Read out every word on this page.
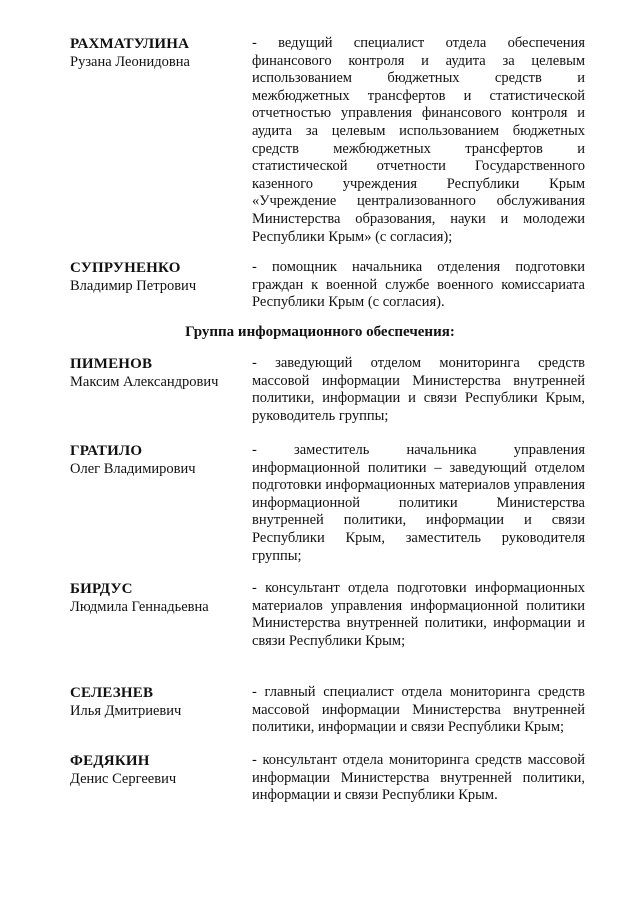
РАХМАТУЛИНА
Рузана Леонидовна
- ведущий специалист отдела обеспечения финансового контроля и аудита за целевым использованием бюджетных средств и межбюджетных трансфертов и статистической отчетностью управления финансового контроля и аудита за целевым использованием бюджетных средств межбюджетных трансфертов и статистической отчетности Государственного казенного учреждения Республики Крым «Учреждение централизованного обслуживания Министерства образования, науки и молодежи Республики Крым» (с согласия);
СУПРУНЕНКО
Владимир Петрович
- помощник начальника отделения подготовки граждан к военной службе военного комиссариата Республики Крым (с согласия).
Группа информационного обеспечения:
ПИМЕНОВ
Максим Александрович
- заведующий отделом мониторинга средств массовой информации Министерства внутренней политики, информации и связи Республики Крым, руководитель группы;
ГРАТИЛО
Олег Владимирович
- заместитель начальника управления информационной политики – заведующий отделом подготовки информационных материалов управления информационной политики Министерства внутренней политики, информации и связи Республики Крым, заместитель руководителя группы;
БИРДУС
Людмила Геннадьевна
- консультант отдела подготовки информационных материалов управления информационной политики Министерства внутренней политики, информации и связи Республики Крым;
СЕЛЕЗНЕВ
Илья Дмитриевич
- главный специалист отдела мониторинга средств массовой информации Министерства внутренней политики, информации и связи Республики Крым;
ФЕДЯКИН
Денис Сергеевич
- консультант отдела мониторинга средств массовой информации Министерства внутренней политики, информации и связи Республики Крым.
